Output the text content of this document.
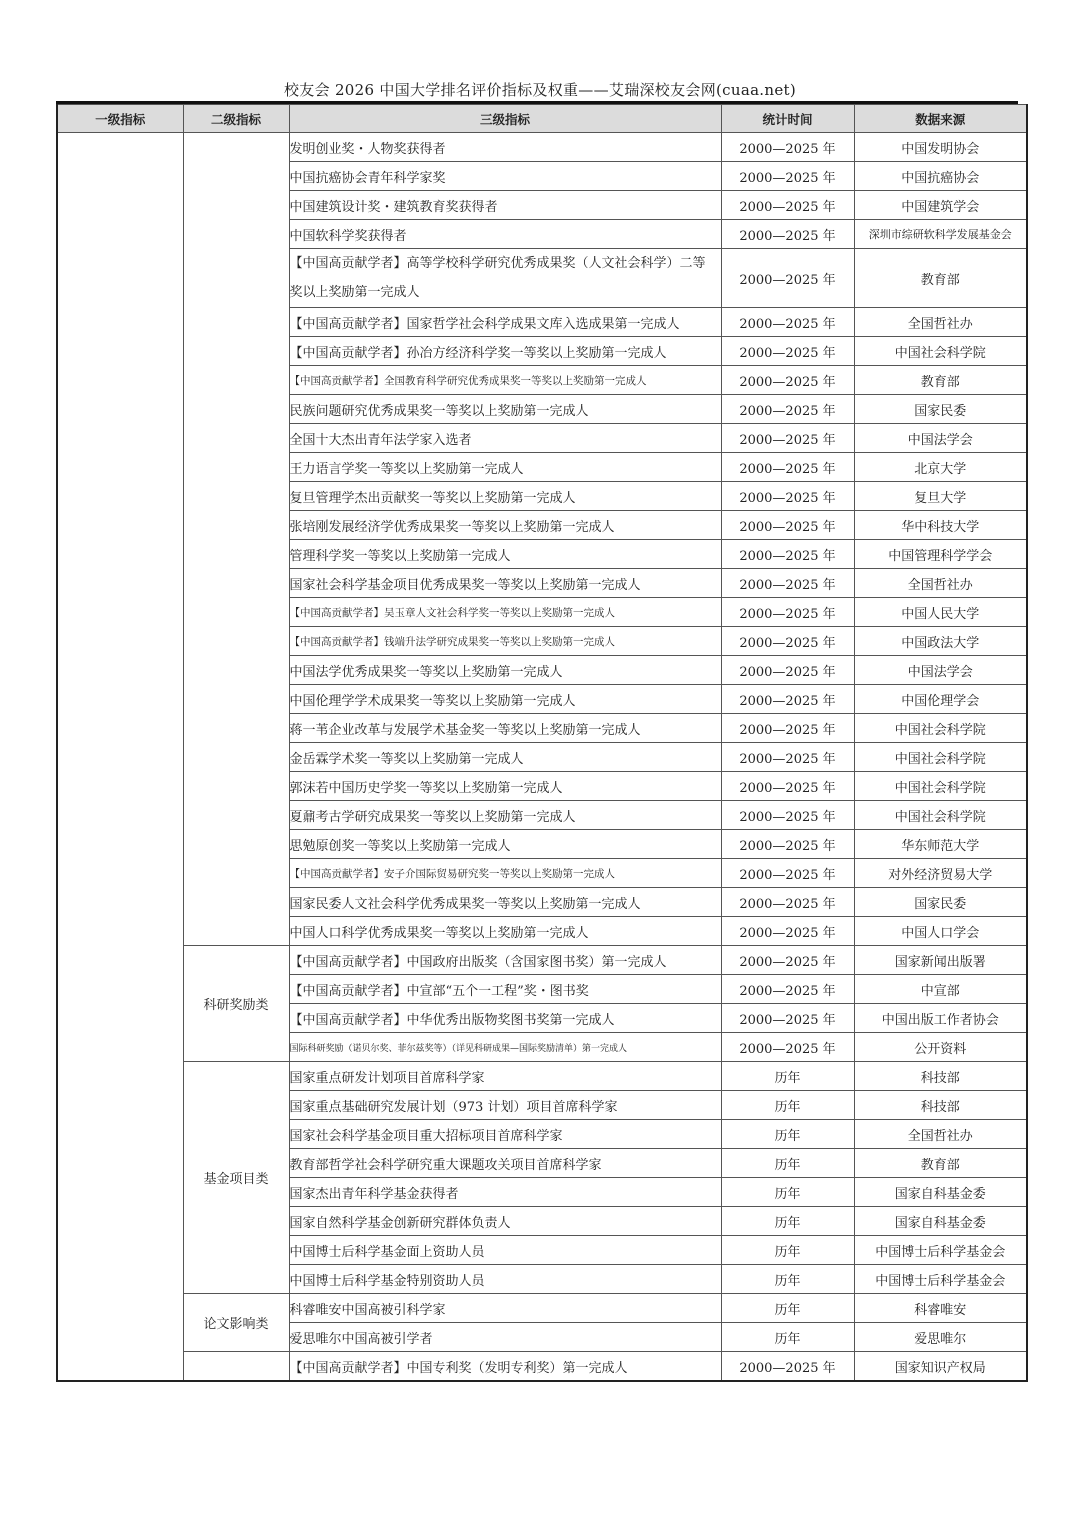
校友会 2026 中国大学排名评价指标及权重——艾瑞深校友会网(cuaa.net)
一级指标	二级指标	三级指标	统计时间	数据来源
		发明创业奖・人物奖获得者	2000—2025 年	中国发明协会
		中国抗癌协会青年科学家奖	2000—2025 年	中国抗癌协会
		中国建筑设计奖・建筑教育奖获得者	2000—2025 年	中国建筑学会
		中国软科学奖获得者	2000—2025 年	深圳市综研软科学发展基金会
		【中国高贡献学者】高等学校科学研究优秀成果奖（人文社会科学）二等奖以上奖励第一完成人	2000—2025 年	教育部
		【中国高贡献学者】国家哲学社会科学成果文库入选成果第一完成人	2000—2025 年	全国哲社办
		【中国高贡献学者】孙冶方经济科学奖一等奖以上奖励第一完成人	2000—2025 年	中国社会科学院
		【中国高贡献学者】全国教育科学研究优秀成果奖一等奖以上奖励第一完成人	2000—2025 年	教育部
		民族问题研究优秀成果奖一等奖以上奖励第一完成人	2000—2025 年	国家民委
		全国十大杰出青年法学家入选者	2000—2025 年	中国法学会
		王力语言学奖一等奖以上奖励第一完成人	2000—2025 年	北京大学
		复旦管理学杰出贡献奖一等奖以上奖励第一完成人	2000—2025 年	复旦大学
		张培刚发展经济学优秀成果奖一等奖以上奖励第一完成人	2000—2025 年	华中科技大学
		管理科学奖一等奖以上奖励第一完成人	2000—2025 年	中国管理科学学会
		国家社会科学基金项目优秀成果奖一等奖以上奖励第一完成人	2000—2025 年	全国哲社办
		【中国高贡献学者】吴玉章人文社会科学奖一等奖以上奖励第一完成人	2000—2025 年	中国人民大学
		【中国高贡献学者】钱端升法学研究成果奖一等奖以上奖励第一完成人	2000—2025 年	中国政法大学
		中国法学优秀成果奖一等奖以上奖励第一完成人	2000—2025 年	中国法学会
		中国伦理学学术成果奖一等奖以上奖励第一完成人	2000—2025 年	中国伦理学会
		蒋一苇企业改革与发展学术基金奖一等奖以上奖励第一完成人	2000—2025 年	中国社会科学院
		金岳霖学术奖一等奖以上奖励第一完成人	2000—2025 年	中国社会科学院
		郭沫若中国历史学奖一等奖以上奖励第一完成人	2000—2025 年	中国社会科学院
		夏鼐考古学研究成果奖一等奖以上奖励第一完成人	2000—2025 年	中国社会科学院
		思勉原创奖一等奖以上奖励第一完成人	2000—2025 年	华东师范大学
		【中国高贡献学者】安子介国际贸易研究奖一等奖以上奖励第一完成人	2000—2025 年	对外经济贸易大学
		国家民委人文社会科学优秀成果奖一等奖以上奖励第一完成人	2000—2025 年	国家民委
		中国人口科学优秀成果奖一等奖以上奖励第一完成人	2000—2025 年	中国人口学会
	科研奖励类	【中国高贡献学者】中国政府出版奖（含国家图书奖）第一完成人	2000—2025 年	国家新闻出版署
		【中国高贡献学者】中宣部“五个一工程”奖・图书奖	2000—2025 年	中宣部
		【中国高贡献学者】中华优秀出版物奖图书奖第一完成人	2000—2025 年	中国出版工作者协会
		国际科研奖励（诺贝尔奖、菲尔兹奖等）（详见科研成果—国际奖励清单）第一完成人	2000—2025 年	公开资料
	基金项目类	国家重点研发计划项目首席科学家	历年	科技部
		国家重点基础研究发展计划（973 计划）项目首席科学家	历年	科技部
		国家社会科学基金项目重大招标项目首席科学家	历年	全国哲社办
		教育部哲学社会科学研究重大课题攻关项目首席科学家	历年	教育部
		国家杰出青年科学基金获得者	历年	国家自科基金委
		国家自然科学基金创新研究群体负责人	历年	国家自科基金委
		中国博士后科学基金面上资助人员	历年	中国博士后科学基金会
		中国博士后科学基金特别资助人员	历年	中国博士后科学基金会
	论文影响类	科睿唯安中国高被引科学家	历年	科睿唯安
		爱思唯尔中国高被引学者	历年	爱思唯尔
		【中国高贡献学者】中国专利奖（发明专利奖）第一完成人	2000—2025 年	国家知识产权局
